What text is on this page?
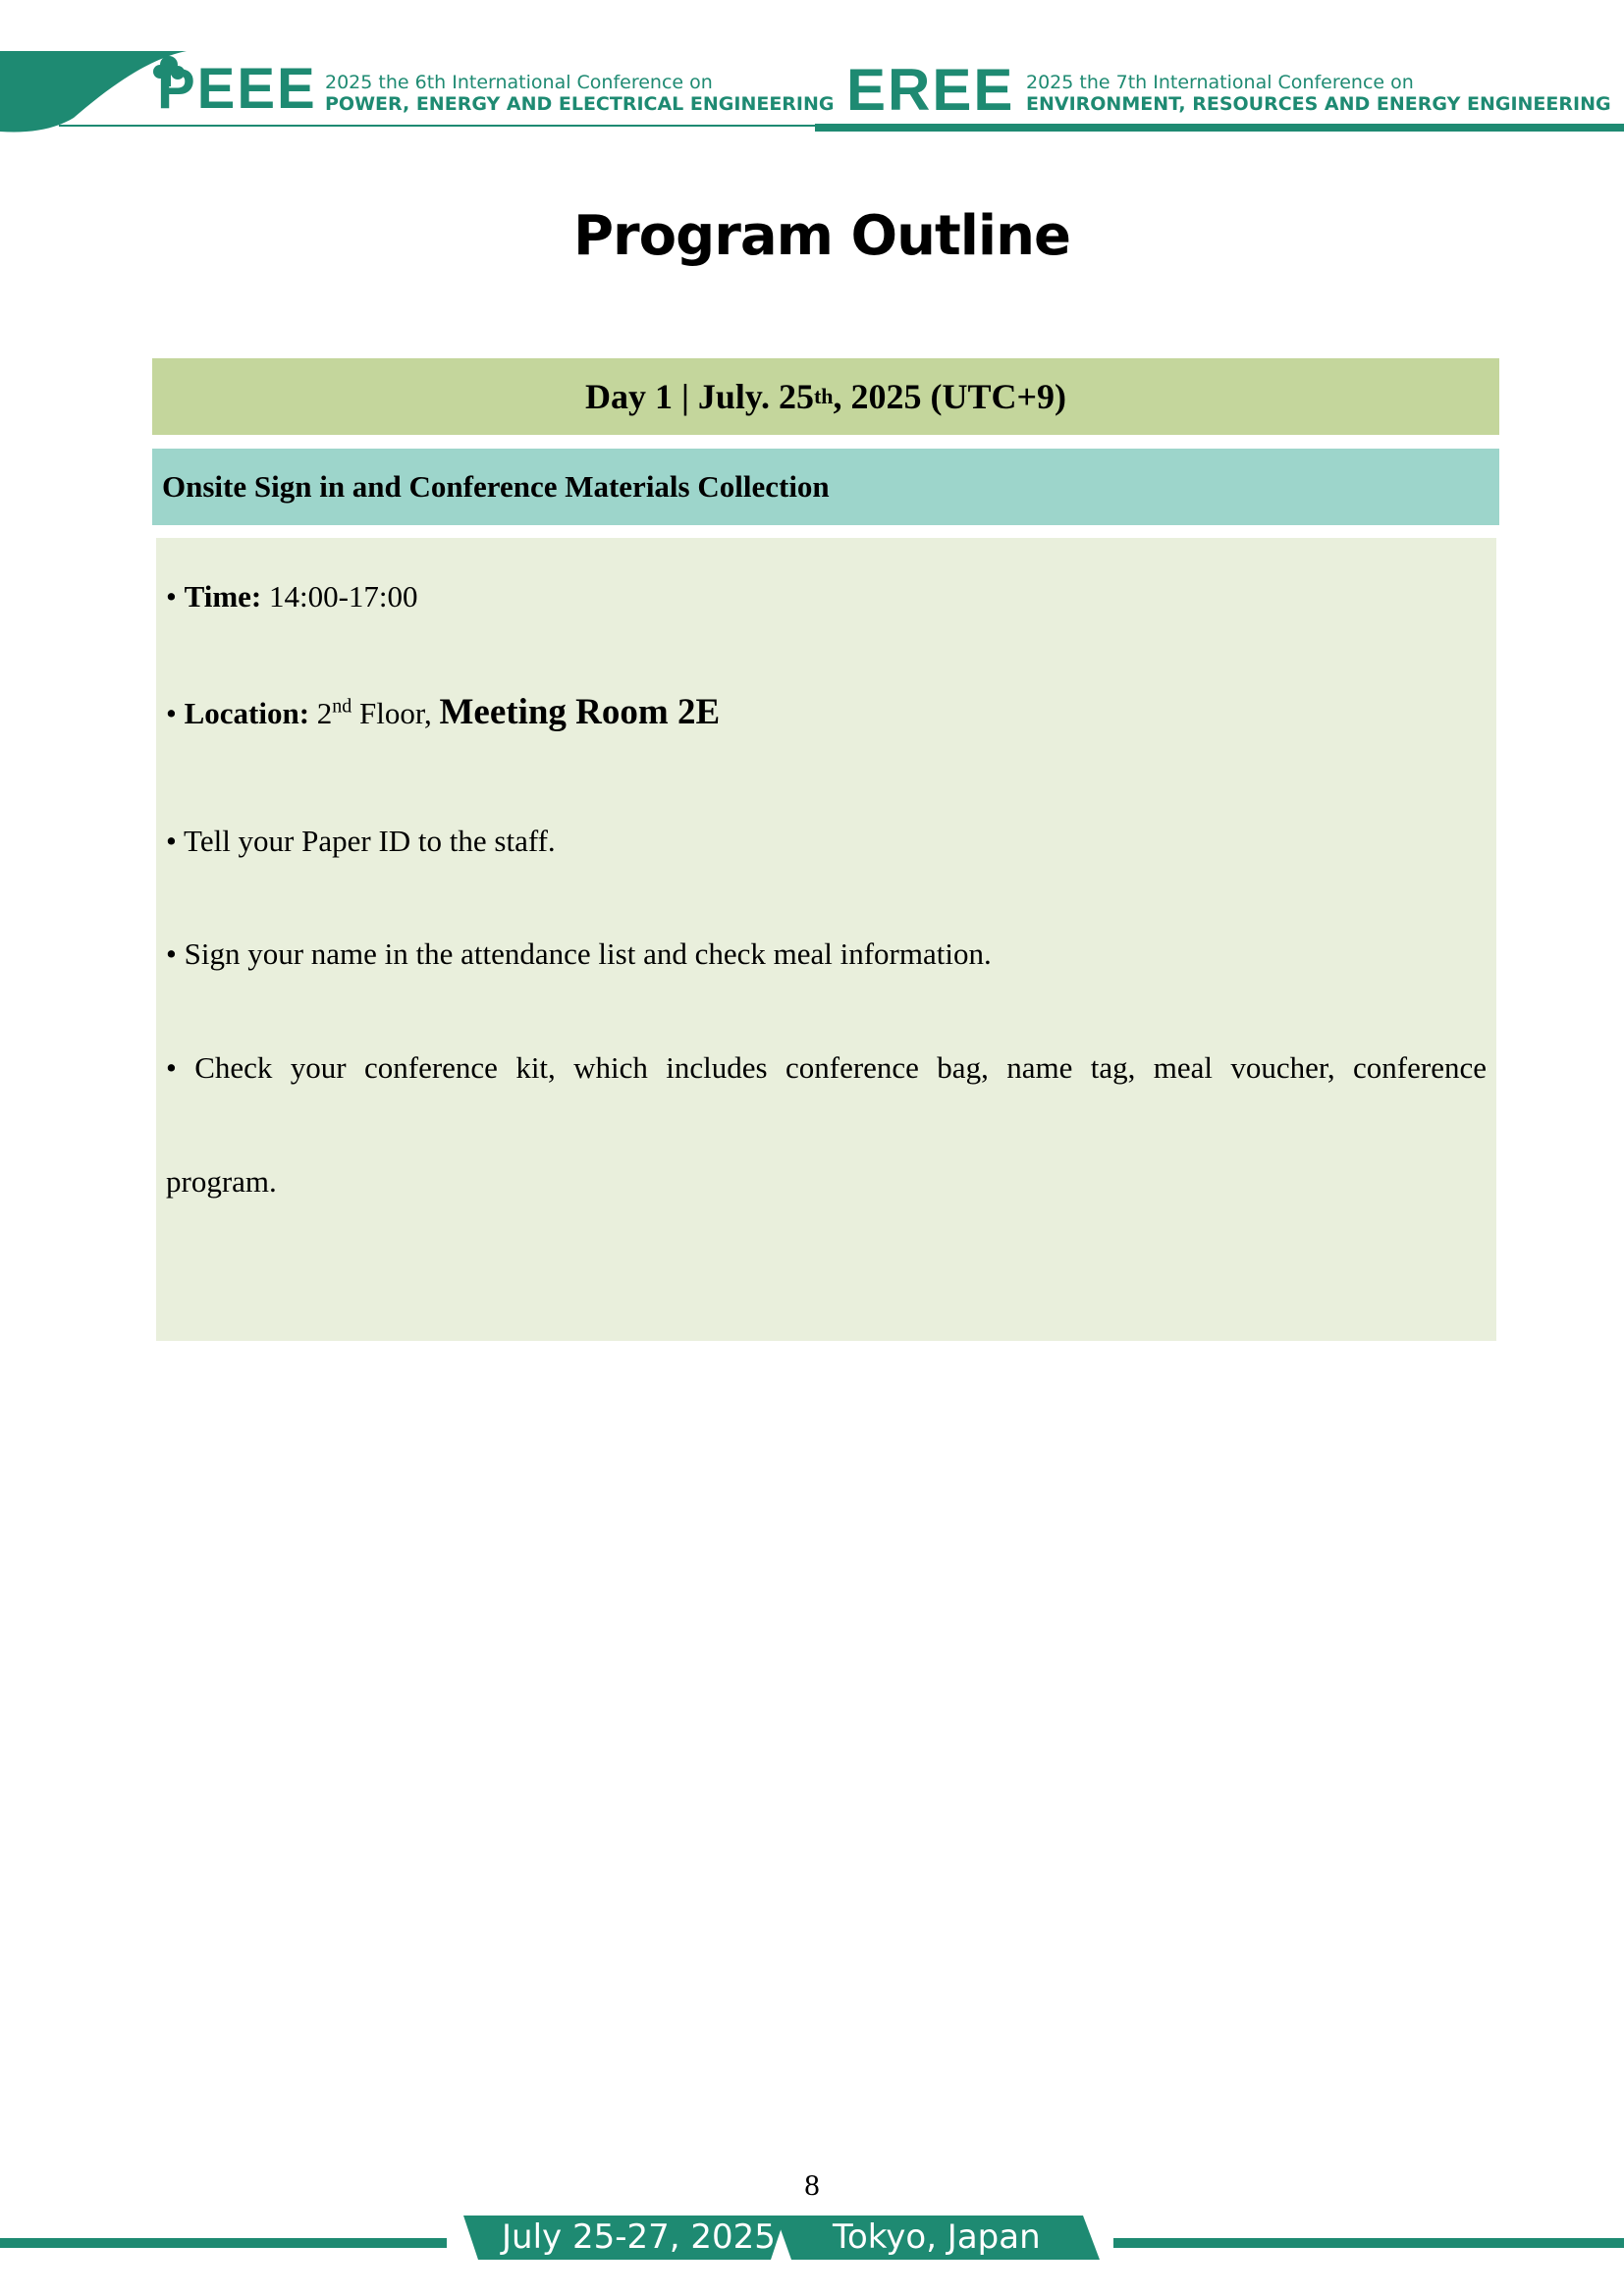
PEEE 2025 the 6th International Conference on
POWER, ENERGY AND ELECTRICAL ENGINEERING EREE 2025 the 7th International Conference on
ENVIRONMENT, RESOURCES AND ENERGY ENGINEERING
Program Outline
Day 1 | July. 25 th , 2025 (UTC+9)
Onsite Sign in and Conference Materials Collection
• Time: 14:00-17:00
• Location: 2nd Floor, Meeting Room 2E
• Tell your Paper ID to the staff.
• Sign your name in the attendance list and check meal information.
• Check your conference kit, which includes conference bag, name tag, meal voucher, conference
program.
8
July 25-27, 2025 Tokyo, Japan
